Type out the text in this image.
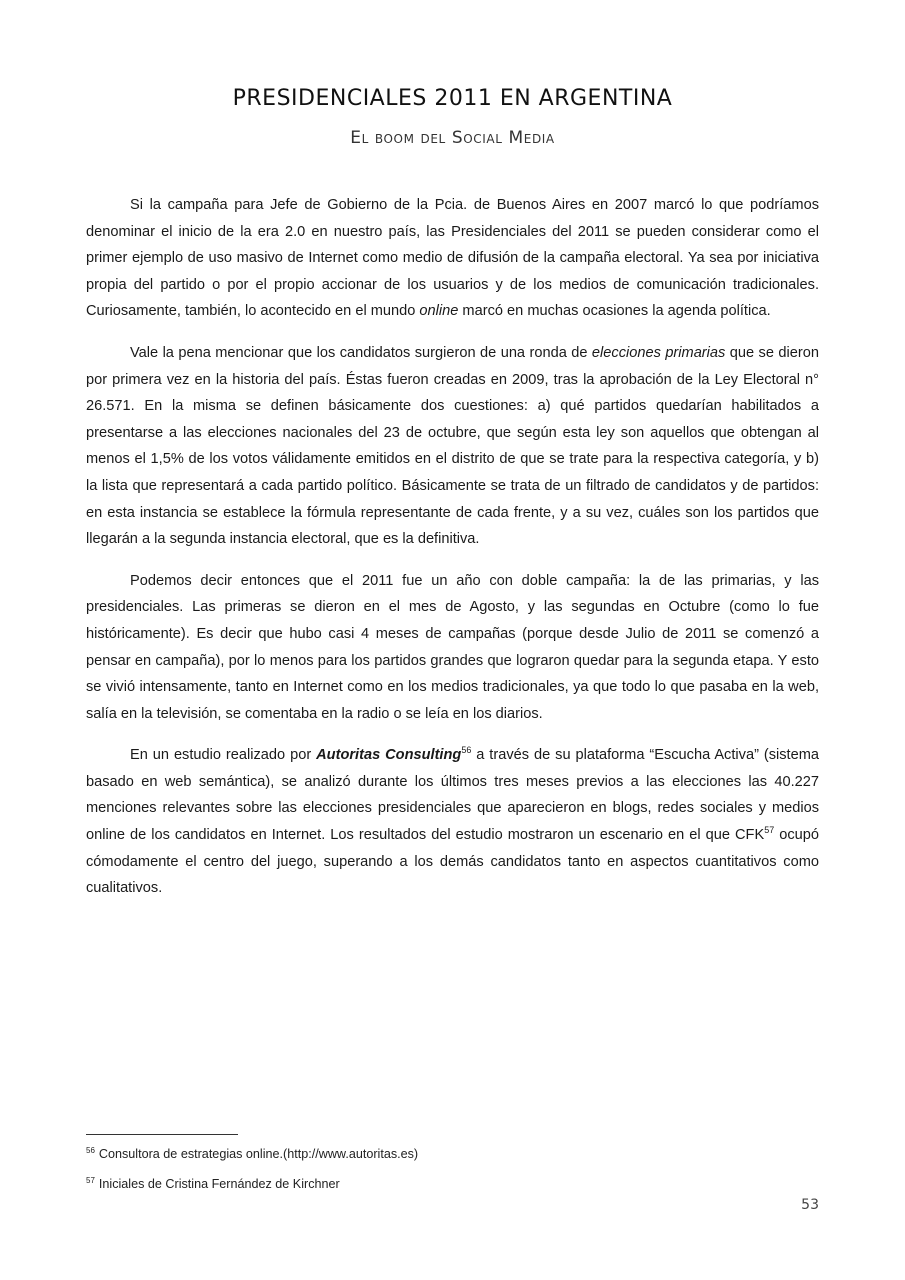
PRESIDENCIALES 2011 EN ARGENTINA
El boom del Social Media

Si la campaña para Jefe de Gobierno de la Pcia. de Buenos Aires en 2007 marcó lo que podríamos denominar el inicio de la era 2.0 en nuestro país, las Presidenciales del 2011 se pueden considerar como el primer ejemplo de uso masivo de Internet como medio de difusión de la campaña electoral. Ya sea por iniciativa propia del partido o por el propio accionar de los usuarios y de los medios de comunicación tradicionales. Curiosamente, también, lo acontecido en el mundo online marcó en muchas ocasiones la agenda política.

Vale la pena mencionar que los candidatos surgieron de una ronda de elecciones primarias que se dieron por primera vez en la historia del país. Éstas fueron creadas en 2009, tras la aprobación de la Ley Electoral n° 26.571. En la misma se definen básicamente dos cuestiones: a) qué partidos quedarían habilitados a presentarse a las elecciones nacionales del 23 de octubre, que según esta ley son aquellos que obtengan al menos el 1,5% de los votos válidamente emitidos en el distrito de que se trate para la respectiva categoría, y b) la lista que representará a cada partido político. Básicamente se trata de un filtrado de candidatos y de partidos: en esta instancia se establece la fórmula representante de cada frente, y a su vez, cuáles son los partidos que llegarán a la segunda instancia electoral, que es la definitiva.

Podemos decir entonces que el 2011 fue un año con doble campaña: la de las primarias, y las presidenciales. Las primeras se dieron en el mes de Agosto, y las segundas en Octubre (como lo fue históricamente). Es decir que hubo casi 4 meses de campañas (porque desde Julio de 2011 se comenzó a pensar en campaña), por lo menos para los partidos grandes que lograron quedar para la segunda etapa. Y esto se vivió intensamente, tanto en Internet como en los medios tradicionales, ya que todo lo que pasaba en la web, salía en la televisión, se comentaba en la radio o se leía en los diarios.

En un estudio realizado por Autoritas Consulting$^{56}$ a través de su plataforma “Escucha Activa” (sistema basado en web semántica), se analizó durante los últimos tres meses previos a las elecciones las 40.227 menciones relevantes sobre las elecciones presidenciales que aparecieron en blogs, redes sociales y medios online de los candidatos en Internet. Los resultados del estudio mostraron un escenario en el que CFK$^{57}$ ocupó cómodamente el centro del juego, superando a los demás candidatos tanto en aspectos cuantitativos como cualitativos.

$^{56}$ Consultora de estrategias online.(http://www.autoritas.es)

$^{57}$ Iniciales de Cristina Fernández de Kirchner

53
